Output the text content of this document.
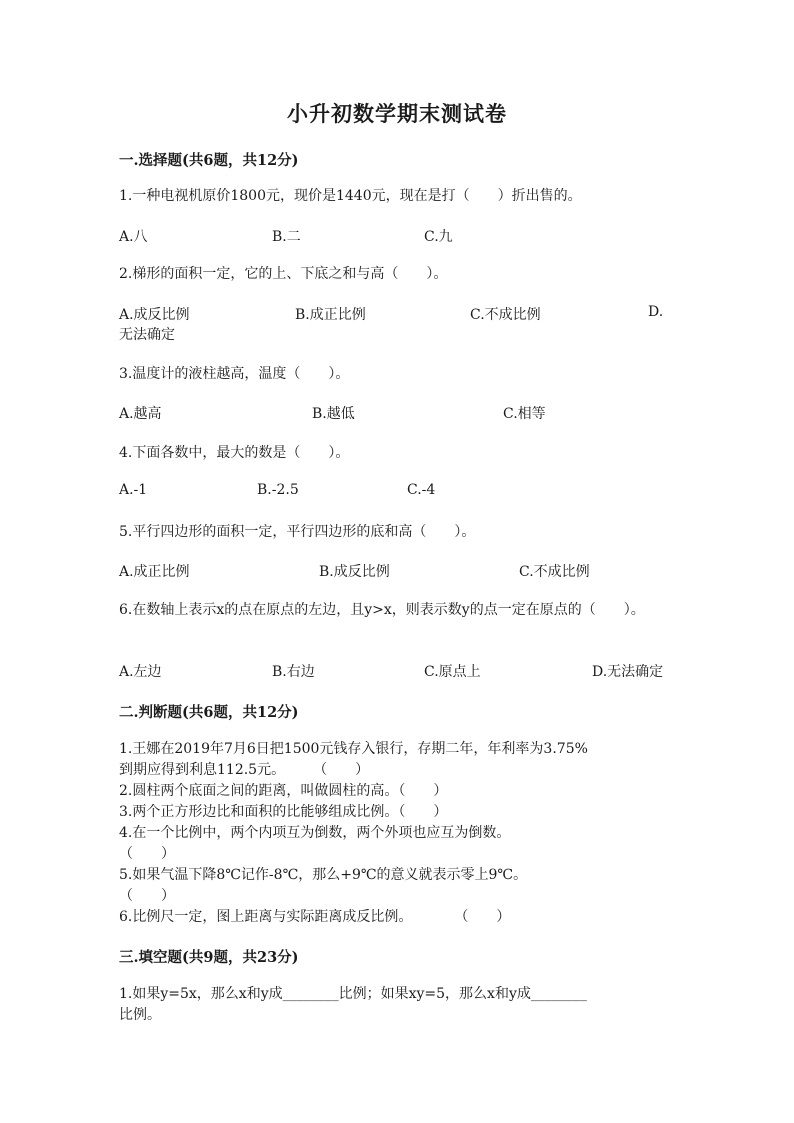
小升初数学期末测试卷
一.选择题(共6题，共12分)
1.一种电视机原价1800元，现价是1440元，现在是打（　　）折出售的。
A.八	B.二	C.九
2.梯形的面积一定，它的上、下底之和与高（　　）。
A.成反比例	B.成正比例	C.不成比例	D.
无法确定
3.温度计的液柱越高，温度（　　）。
A.越高	B.越低	C.相等
4.下面各数中，最大的数是（　　）。
A.-1	B.-2.5	C.-4
5.平行四边形的面积一定，平行四边形的底和高（　　）。
A.成正比例	B.成反比例	C.不成比例
6.在数轴上表示x的点在原点的左边，且y>x，则表示数y的点一定在原点的（　　）。
A.左边	B.右边	C.原点上	D.无法确定
二.判断题(共6题，共12分)
1.王娜在2019年7月6日把1500元钱存入银行，存期二年，年利率为3.75%
到期应得到利息112.5元。　　　（　　）
2.圆柱两个底面之间的距离，叫做圆柱的高。（　　）
3.两个正方形边比和面积的比能够组成比例。（　　）
4.在一个比例中，两个内项互为倒数，两个外项也应互为倒数。
（　　）
5.如果气温下降8℃记作-8℃，那么+9℃的意义就表示零上9℃。
（　　）
6.比例尺一定，图上距离与实际距离成反比例。　　　　（　　）
三.填空题(共9题，共23分)
1.如果y=5x，那么x和y成________比例；如果xy=5，那么x和y成________
比例。
